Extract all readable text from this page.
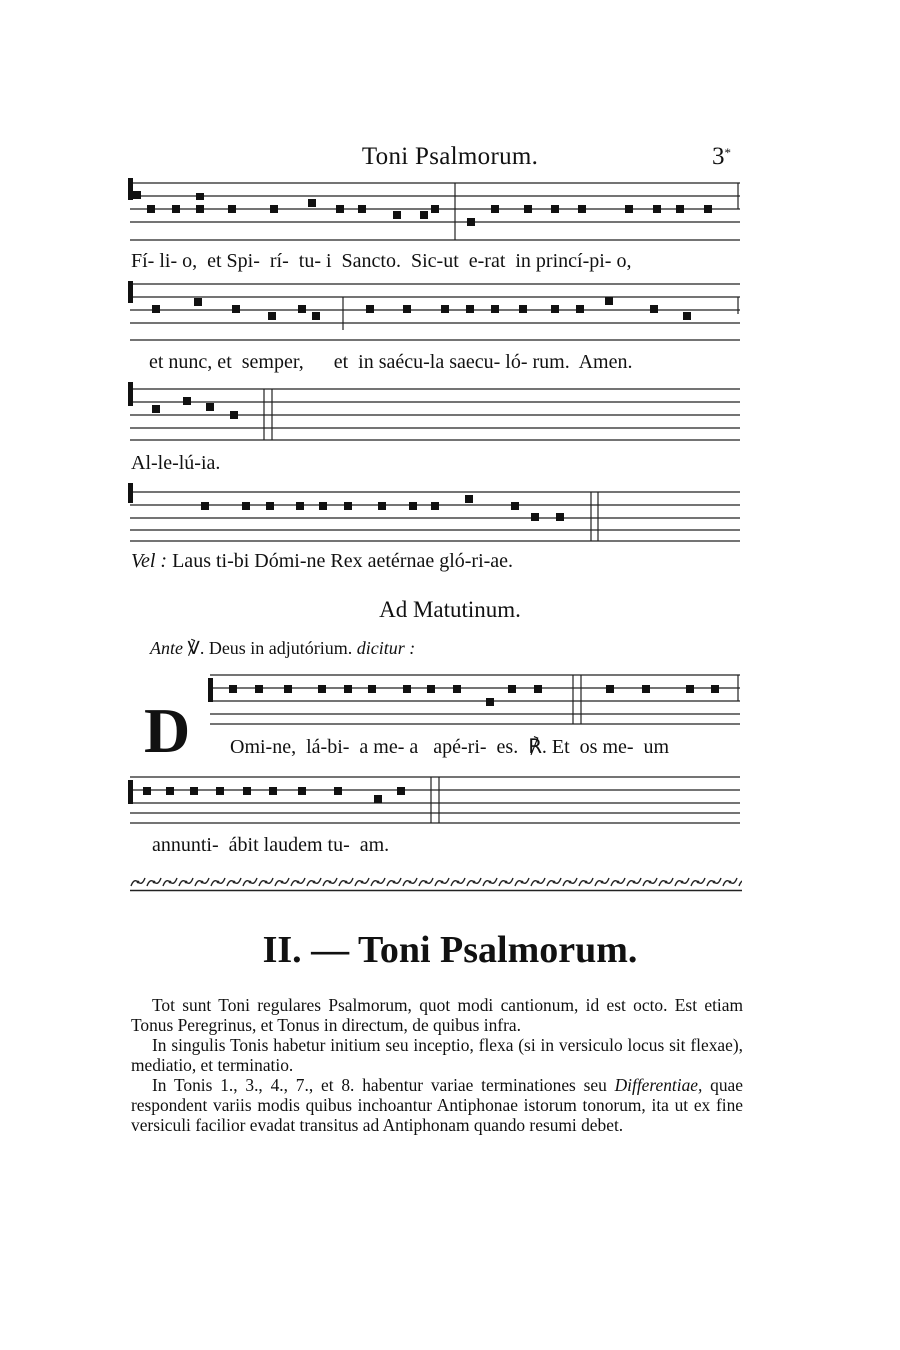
Toni Psalmorum.	3*
Fí- li- o,  et Spi-  rí-  tu- i  Sancto.  Sic-ut  e-rat  in princí-pi- o,
et nunc, et  semper,      et  in saécu-la saecu- ló- rum.  Amen.
Al-le-lú-ia.
Vel : Laus ti-bi Dómi-ne Rex aetérnae gló-ri-ae.
Ad Matutinum.
Ante ℣. Deus in adjutórium. dicitur :
D Omi-ne,  lá-bi-  a me- a   apé-ri-  es.  ℟. Et  os me-  um
annunti-  ábit laudem tu-  am.
II. — Toni Psalmorum.

Tot sunt Toni regulares Psalmorum, quot modi cantionum, id est octo. Est etiam Tonus Peregrinus, et Tonus in directum, de quibus infra.

In singulis Tonis habetur initium seu inceptio, flexa (si in versiculo locus sit flexae), mediatio, et terminatio.

In Tonis 1., 3., 4., 7., et 8. habentur variae terminationes seu Differentiae, quae respondent variis modis quibus inchoantur Antiphonae istorum tonorum, ita ut ex fine versiculi facilior evadat transitus ad Antiphonam quando resumi debet.
